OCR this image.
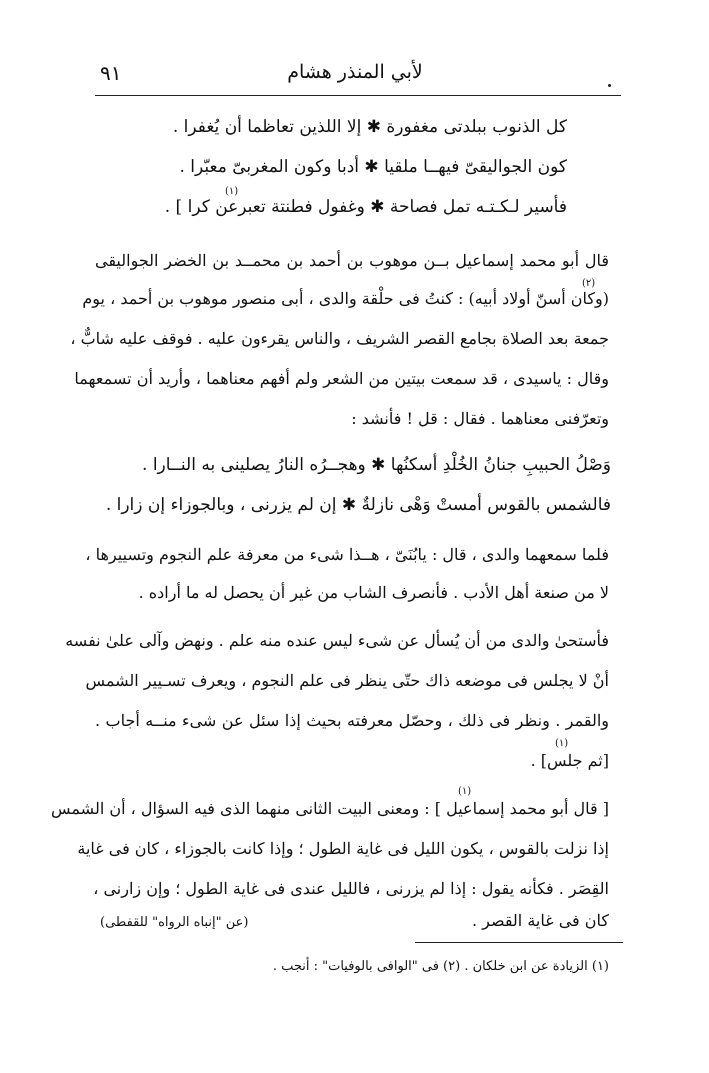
٩١	لأبي المنذر هشام
كل الذنوب ببلدتى مغفورة ✱ إلا اللذين تعاظما أن يُغفرا .
كون الجواليقىّ فيهــا ملقيا ✱ أدبا وكون المغربىّ معبّرا .
(١)
فأسير لـكـتـه تمل فصاحة ✱ وغفول فطنتة تعبرعن كرا ] .
قال أبو محمد إسماعيل بــن موهوب بن أحمد بن محمــد بن الخضر الجواليقى
(٢)
(وكان أسنّ أولاد أبيه) : كنتُ فى حلْقة والدى ، أبى منصور موهوب بن أحمد ، يوم
جمعة بعد الصلاة بجامع القصر الشريف ، والناس يقرءون عليه . فوقف عليه شابٌّ ،
وقال : ياسيدى ، قد سمعت بيتين من الشعر ولم أفهم معناهما ، وأريد أن تسمعهما
وتعرّفنى معناهما . فقال : قل ! فأنشد :
وَصْلُ الحبيبِ جنانُ الخُلْدِ أسكنُها ✱ وهجــرُه النارُ يصلينى به النــارا .
فالشمس بالقوس أمستْ وَهْى نازلةٌ ✱ إن لم يزرنى ، وبالجوزاء إن زارا .
فلما سمعهما والدى ، قال : يابُنَىّ ، هــذا شىء من معرفة علم النجوم وتسييرها ،
لا من صنعة أهل الأدب . فأنصرف الشاب من غير أن يحصل له ما أراده .
فأستحىٰ والدى من أن يُسأل عن شىء ليس عنده منه علم . ونهض وآلى علىٰ نفسه
أنْ لا يجلس فى موضعه ذاك حتّى ينظر فى علم النجوم ، ويعرف تسـيير الشمس
والقمر . ونظر فى ذلك ، وحصّل معرفته بحيث إذا سئل عن شىء منــه أجاب .
(١)
[ثم جلس] .
(١)
[ قال أبو محمد إسماعيل ] : ومعنى البيت الثانى منهما الذى فيه السؤال ، أن الشمس
إذا نزلت بالقوس ، يكون الليل فى غاية الطول ؛ وإذا كانت بالجوزاء ، كان فى غاية
القِصَر . فكأنه يقول : إذا لم يزرنى ، فالليل عندى فى غاية الطول ؛ وإن زارنى ،
كان فى غاية القصر .
(عن "إنباه الرواه" للقفطى)
(١) الزيادة عن ابن خلكان . (٢) فى "الوافى بالوفيات" : أنجب .
